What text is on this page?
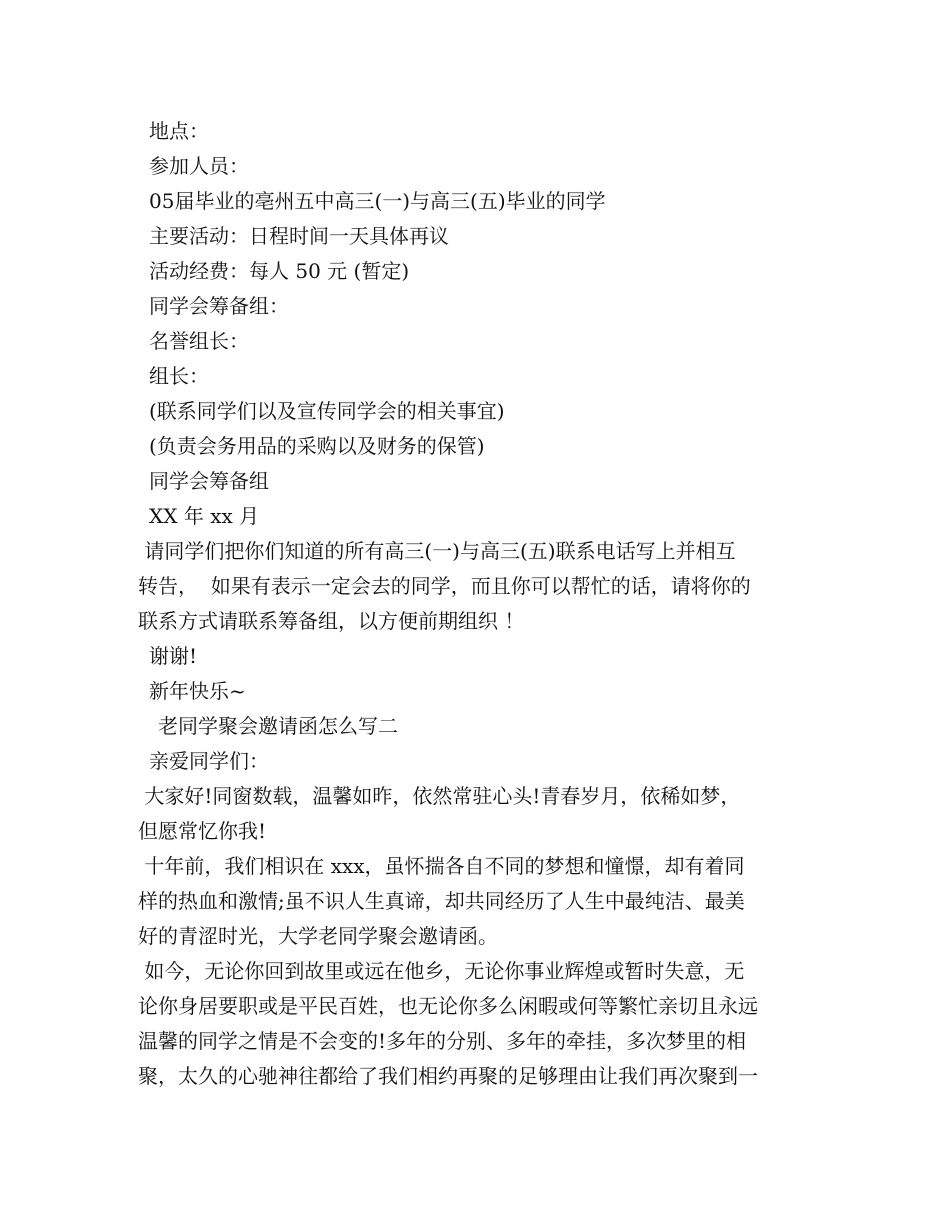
地点：
参加人员：
05届毕业的亳州五中高三(一)与高三(五)毕业的同学
主要活动：日程时间一天具体再议
活动经费：每人 50 元 (暂定)
同学会筹备组：
名誉组长：
组长：
(联系同学们以及宣传同学会的相关事宜)
(负责会务用品的采购以及财务的保管)
同学会筹备组
XX 年 xx 月
请同学们把你们知道的所有高三(一)与高三(五)联系电话写上并相互
转告，  如果有表示一定会去的同学，而且你可以帮忙的话，请将你的
联系方式请联系筹备组，以方便前期组织 ！
谢谢!
新年快乐~
老同学聚会邀请函怎么写二
亲爱同学们：
大家好!同窗数载，温馨如昨，依然常驻心头!青春岁月，依稀如梦，
但愿常忆你我!
十年前，我们相识在 xxx，虽怀揣各自不同的梦想和憧憬，却有着同
样的热血和激情;虽不识人生真谛，却共同经历了人生中最纯洁、最美
好的青涩时光，大学老同学聚会邀请函。
如今，无论你回到故里或远在他乡，无论你事业辉煌或暂时失意，无
论你身居要职或是平民百姓，也无论你多么闲暇或何等繁忙亲切且永远
温馨的同学之情是不会变的!多年的分别、多年的牵挂，多次梦里的相
聚，太久的心驰神往都给了我们相约再聚的足够理由让我们再次聚到一
